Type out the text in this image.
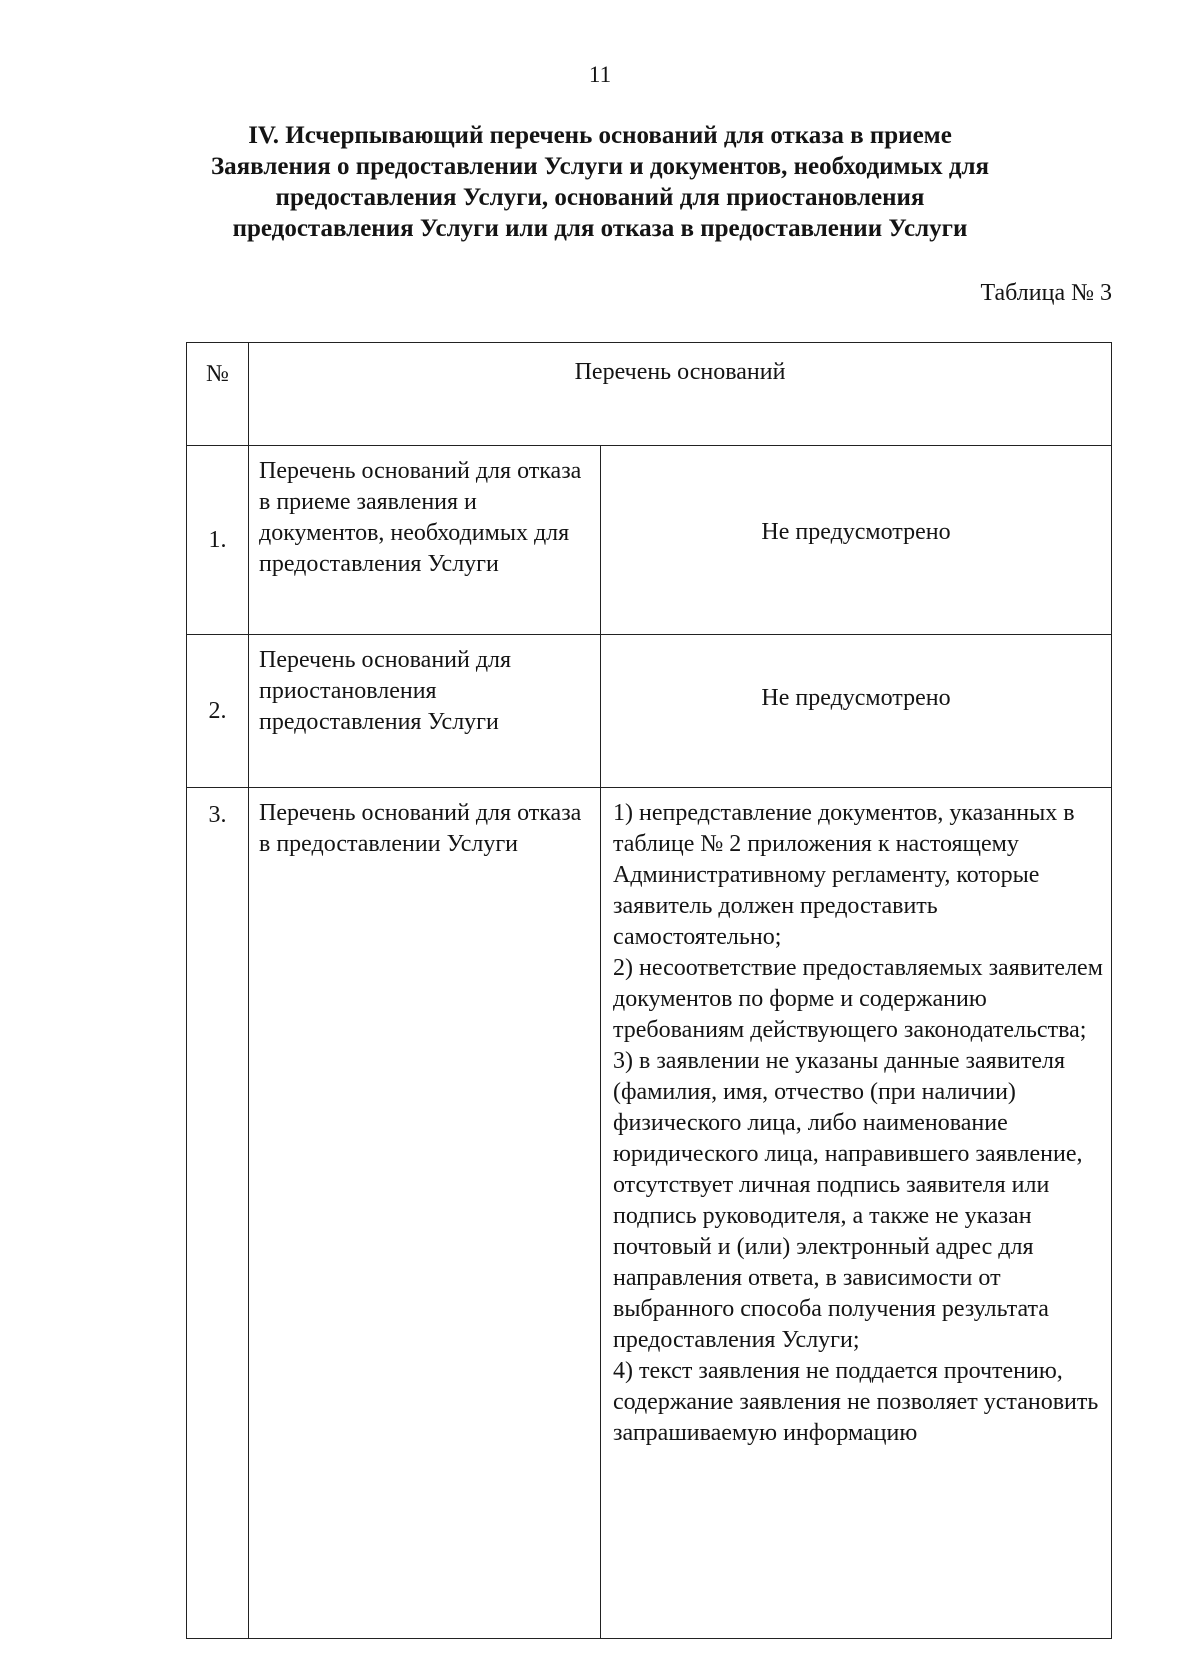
11
IV. Исчерпывающий перечень оснований для отказа в приеме
Заявления о предоставлении Услуги и документов, необходимых для
предоставления Услуги, оснований для приостановления
предоставления Услуги или для отказа в предоставлении Услуги
Таблица № 3
№	Перечень оснований	
1.	Перечень оснований для отказа в приеме заявления и документов, необходимых для предоставления Услуги	Не предусмотрено
2.	Перечень оснований для приостановления предоставления Услуги	Не предусмотрено
3.	Перечень оснований для отказа в предоставлении Услуги	1) непредставление документов, указанных в таблице № 2 приложения к настоящему Административному регламенту, которые заявитель должен предоставить самостоятельно;

2) несоответствие предоставляемых заявителем документов по форме и содержанию требованиям действующего законодательства;

3) в заявлении не указаны данные заявителя (фамилия, имя, отчество (при наличии) физического лица, либо наименование юридического лица, направившего заявление, отсутствует личная подпись заявителя или подпись руководителя, а также не указан почтовый и (или) электронный адрес для направления ответа, в зависимости от выбранного способа получения результата предоставления Услуги;

4) текст заявления не поддается прочтению, содержание заявления не позволяет установить запрашиваемую информацию
